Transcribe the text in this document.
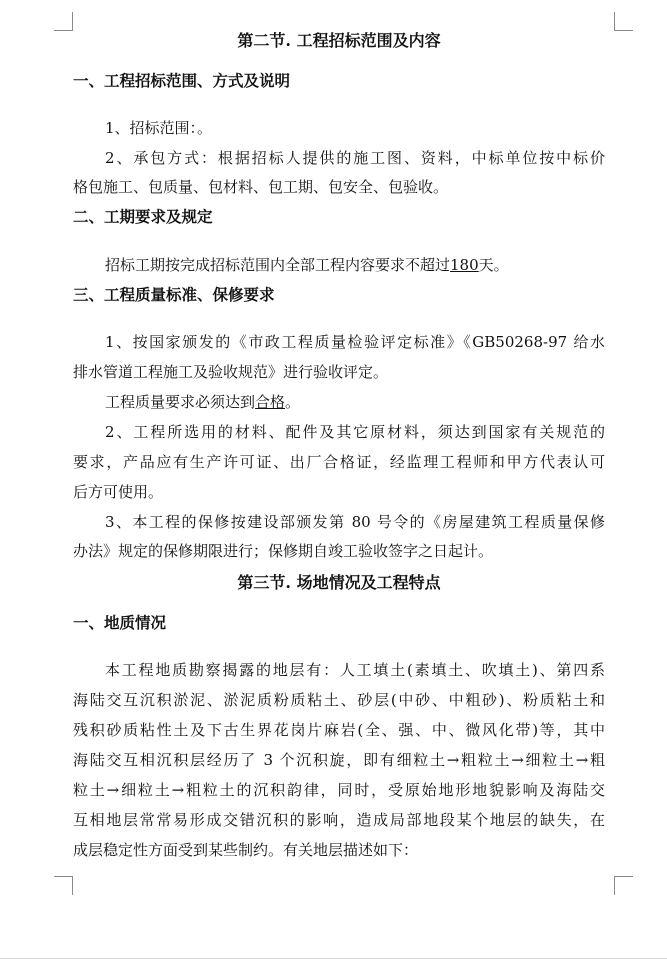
第二节. 工程招标范围及内容
一、工程招标范围、方式及说明
1、招标范围：。
2、承包方式：根据招标人提供的施工图、资料，中标单位按中标价
格包施工、包质量、包材料、包工期、包安全、包验收。
二、工期要求及规定
招标工期按完成招标范围内全部工程内容要求不超过180天。
三、工程质量标准、保修要求
1、按国家颁发的《市政工程质量检验评定标准》《GB50268-97 给水
排水管道工程施工及验收规范》进行验收评定。
工程质量要求必须达到合格。
2、工程所选用的材料、配件及其它原材料，须达到国家有关规范的
要求，产品应有生产许可证、出厂合格证，经监理工程师和甲方代表认可
后方可使用。
3、本工程的保修按建设部颁发第 80 号令的《房屋建筑工程质量保修
办法》规定的保修期限进行；保修期自竣工验收签字之日起计。
第三节. 场地情况及工程特点
一、地质情况
本工程地质勘察揭露的地层有：人工填土(素填土、吹填土)、第四系
海陆交互沉积淤泥、淤泥质粉质粘土、砂层(中砂、中粗砂)、粉质粘土和
残积砂质粘性土及下古生界花岗片麻岩(全、强、中、微风化带)等，其中
海陆交互相沉积层经历了 3 个沉积旋，即有细粒土→粗粒土→细粒土→粗
粒土→细粒土→粗粒土的沉积韵律，同时，受原始地形地貌影响及海陆交
互相地层常常易形成交错沉积的影响，造成局部地段某个地层的缺失，在
成层稳定性方面受到某些制约。有关地层描述如下：
